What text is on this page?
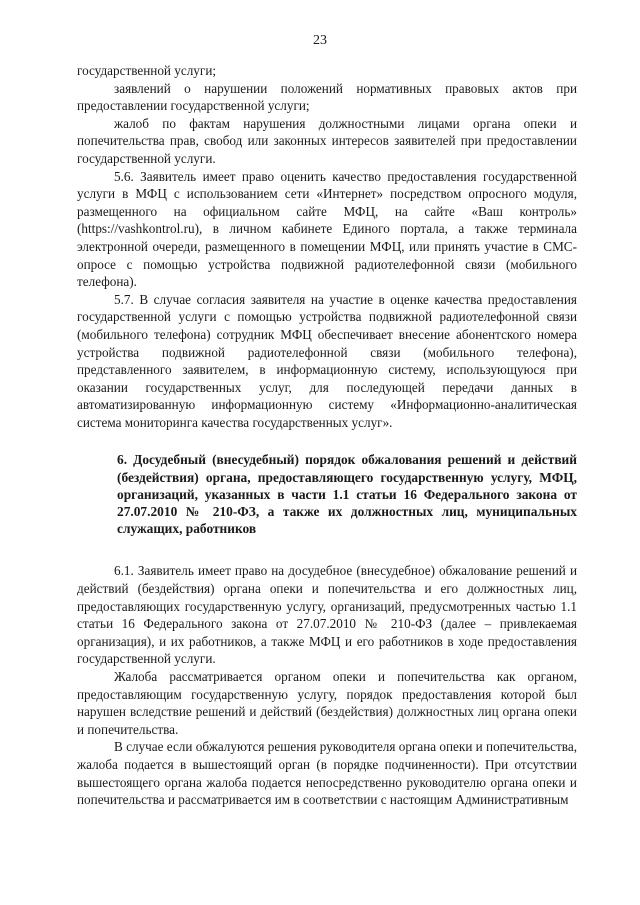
23

государственной услуги;

заявлений о нарушении положений нормативных правовых актов при предоставлении государственной услуги;

жалоб по фактам нарушения должностными лицами органа опеки и попечительства прав, свобод или законных интересов заявителей при предоставлении государственной услуги.

5.6. Заявитель имеет право оценить качество предоставления государственной услуги в МФЦ с использованием сети «Интернет» посредством опросного модуля, размещенного на официальном сайте МФЦ, на сайте «Ваш контроль» (https://vashkontrol.ru), в личном кабинете Единого портала, а также терминала электронной очереди, размещенного в помещении МФЦ, или принять участие в СМС-опросе с помощью устройства подвижной радиотелефонной связи (мобильного телефона).

5.7. В случае согласия заявителя на участие в оценке качества предоставления государственной услуги с помощью устройства подвижной радиотелефонной связи (мобильного телефона) сотрудник МФЦ обеспечивает внесение абонентского номера устройства подвижной радиотелефонной связи (мобильного телефона), представленного заявителем, в информационную систему, использующуюся при оказании государственных услуг, для последующей передачи данных в автоматизированную информационную систему «Информационно-аналитическая система мониторинга качества государственных услуг».

6. Досудебный (внесудебный) порядок обжалования решений и действий (бездействия) органа, предоставляющего государственную услугу, МФЦ, организаций, указанных в части 1.1 статьи 16 Федерального закона от 27.07.2010 № 210-ФЗ, а также их должностных лиц, муниципальных служащих, работников

6.1. Заявитель имеет право на досудебное (внесудебное) обжалование решений и действий (бездействия) органа опеки и попечительства и его должностных лиц, предоставляющих государственную услугу, организаций, предусмотренных частью 1.1 статьи 16 Федерального закона от 27.07.2010 № 210-ФЗ (далее – привлекаемая организация), и их работников, а также МФЦ и его работников в ходе предоставления государственной услуги.

Жалоба рассматривается органом опеки и попечительства как органом, предоставляющим государственную услугу, порядок предоставления которой был нарушен вследствие решений и действий (бездействия) должностных лиц органа опеки и попечительства.

В случае если обжалуются решения руководителя органа опеки и попечительства, жалоба подается в вышестоящий орган (в порядке подчиненности). При отсутствии вышестоящего органа жалоба подается непосредственно руководителю органа опеки и попечительства и рассматривается им в соответствии с настоящим Административным
